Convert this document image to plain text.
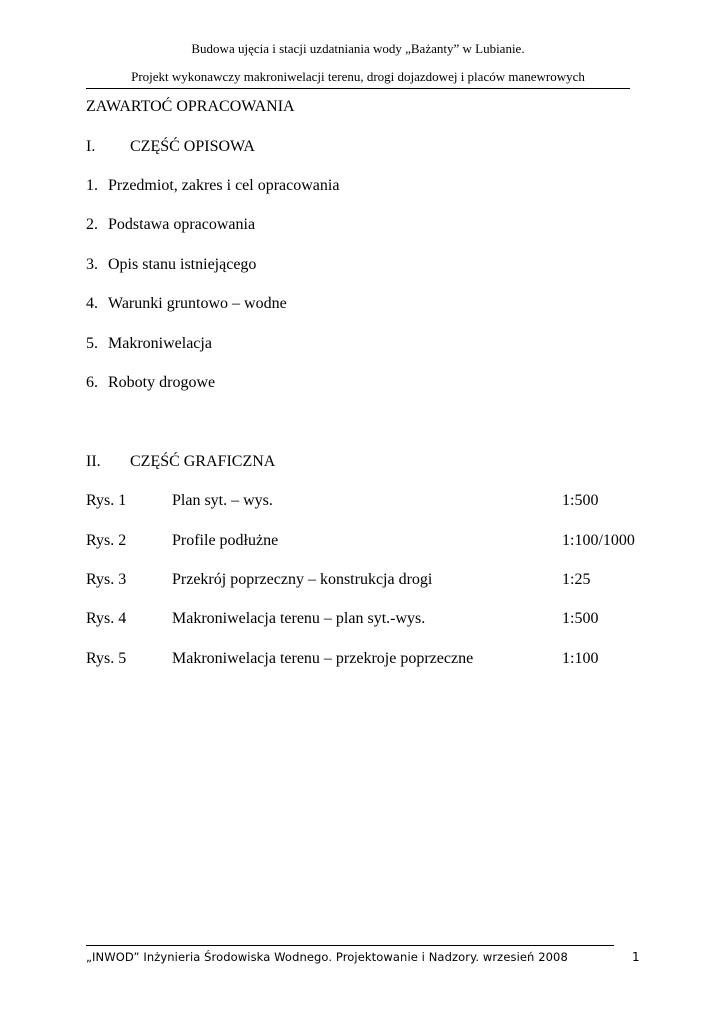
Budowa ujęcia i stacji uzdatniania wody „Bażanty” w Lubianie.
Projekt wykonawczy makroniwelacji terenu, drogi dojazdowej i placów manewrowych
ZAWARTOĆ OPRACOWANIA
I. CZĘŚĆ OPISOWA
1. Przedmiot, zakres i cel opracowania
2. Podstawa opracowania
3. Opis stanu istniejącego
4. Warunki gruntowo – wodne
5. Makroniwelacja
6. Roboty drogowe
II. CZĘŚĆ GRAFICZNA
Rys. 1	Plan syt. – wys.	1:500
Rys. 2	Profile podłużne	1:100/1000
Rys. 3	Przekrój poprzeczny – konstrukcja drogi	1:25
Rys. 4	Makroniwelacja terenu – plan syt.-wys.	1:500
Rys. 5	Makroniwelacja terenu – przekroje poprzeczne	1:100
„INWOD” Inżynieria Środowiska Wodnego. Projektowanie i Nadzory. wrzesień 2008	1
